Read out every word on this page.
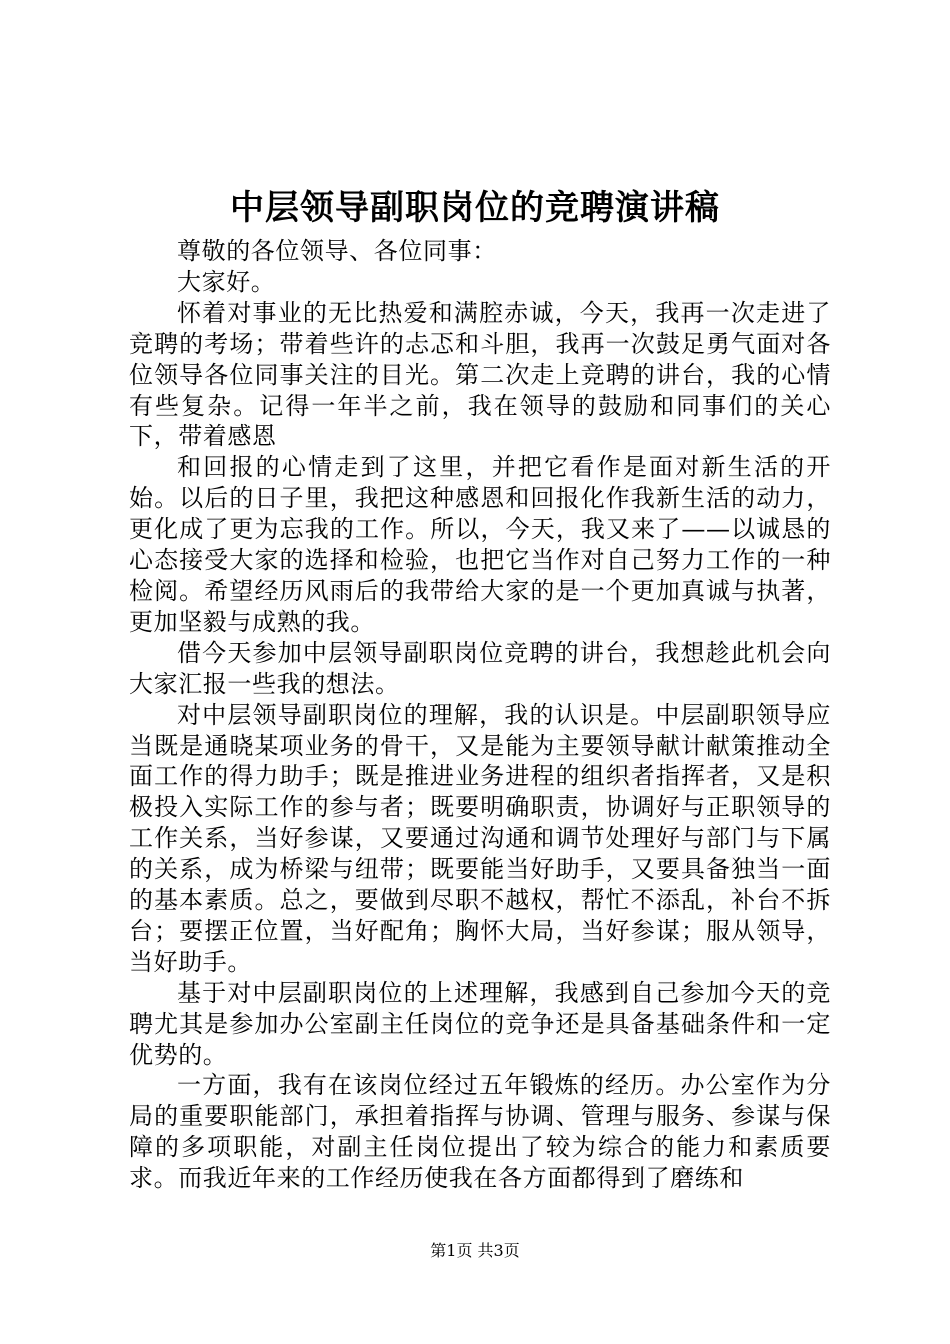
中层领导副职岗位的竞聘演讲稿

尊敬的各位领导、各位同事：

大家好。

怀着对事业的无比热爱和满腔赤诚，今天，我再一次走进了竞聘的考场；带着些许的忐忑和斗胆，我再一次鼓足勇气面对各位领导各位同事关注的目光。第二次走上竞聘的讲台，我的心情有些复杂。记得一年半之前，我在领导的鼓励和同事们的关心下，带着感恩

和回报的心情走到了这里，并把它看作是面对新生活的开始。以后的日子里，我把这种感恩和回报化作我新生活的动力，更化成了更为忘我的工作。所以，今天，我又来了——以诚恳的心态接受大家的选择和检验，也把它当作对自己努力工作的一种检阅。希望经历风雨后的我带给大家的是一个更加真诚与执著，更加坚毅与成熟的我。

借今天参加中层领导副职岗位竞聘的讲台，我想趁此机会向大家汇报一些我的想法。

对中层领导副职岗位的理解，我的认识是。中层副职领导应当既是通晓某项业务的骨干，又是能为主要领导献计献策推动全面工作的得力助手；既是推进业务进程的组织者指挥者，又是积极投入实际工作的参与者；既要明确职责，协调好与正职领导的工作关系，当好参谋，又要通过沟通和调节处理好与部门与下属的关系，成为桥梁与纽带；既要能当好助手，又要具备独当一面的基本素质。总之，要做到尽职不越权，帮忙不添乱，补台不拆台；要摆正位置，当好配角；胸怀大局，当好参谋；服从领导，当好助手。

基于对中层副职岗位的上述理解，我感到自己参加今天的竞聘尤其是参加办公室副主任岗位的竞争还是具备基础条件和一定优势的。

一方面，我有在该岗位经过五年锻炼的经历。办公室作为分局的重要职能部门，承担着指挥与协调、管理与服务、参谋与保障的多项职能，对副主任岗位提出了较为综合的能力和素质要求。而我近年来的工作经历使我在各方面都得到了磨练和

第1页 共3页
